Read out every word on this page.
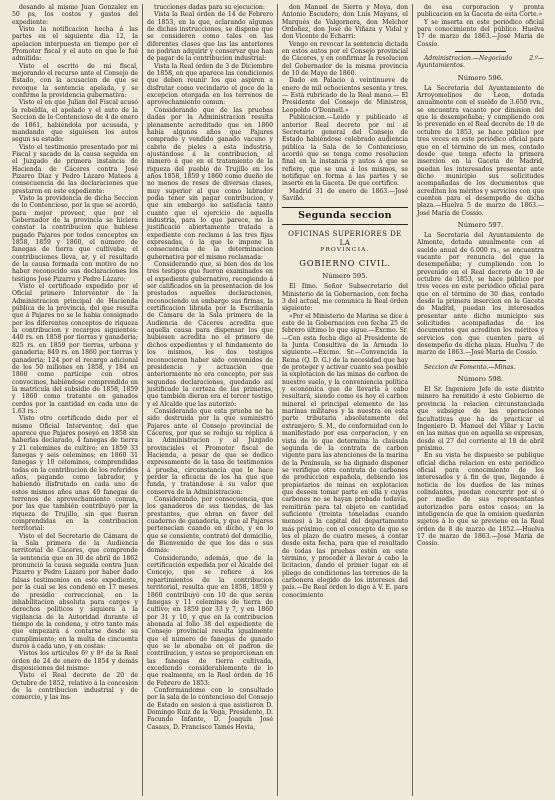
desando al mismo Juan Gonzalez en 50 ps, los costos y gastos del expediente:

Visto la notificacion hecha á las partes en el siguiente dia 12, la apelacion interpuesta en tiempo por el Promotor fiscal y el auto en que le fué admitida:

Visto el escrito de mi fiscal, mejorando el recurso ante el Consejo de Estado, con la acusacion de que se revoque la sentencia apelada, y se confirme la providencia gubernativa:

Visto el en que Julian del Fiscal acusó la rebeldía, el apelado y el auto de la Seccion de lo Contencioso de 4 de enero de 1861, habiéndola por acusada, y mandando que siguiesen los autos segun su estado:

Visto el testimonio presentado por mi Fiscal y sacado de la causa seguida en el Juzgado de primera instancia de Hacienda de Cáceres contra José Pizarro Diaz y Pedro Lázaro Mateos á consecuencia de las declaraciones que prestaron en este expediente:

Visto la providencia de dicha Seccion de lo Contencioso, por la que se acordó, para mejor proveer, que por el Gobernador de la provincia se hiciera constar la contribucion que hubiese pagado Pajares por todos conceptos en 1858, 1859 y 1860, el número de fanegas de tierra que cultivaba; el contribuciones lleva, ar, y el resultado de la causa formada con motivo de no haber reconocido sus declaraciones los testigos José Pizarro y Pedro Lázaro:

Visto el certificado expedido por el Oficial primero Interventor de la Administracion principal de Hacienda pública de la provincia, del que resulta que á Pajares no se le habia consignado por los diferentes conceptos de riqueza la contribucion y recargos siguientes: 440 rs. en 1858 por tierras y ganaderia; 825 rs. en 1859 por tierras, urbana y ganaderia; 849 rs. en 1860 por tierras y ganaderia; 124 por el recargo adicional de los 50 millones en 1858, y 184 en 1860 como partícipe con otros convecinos, habiéndose comprendido en la matrícula del subsidio de 1858, 1859 y 1860 como tratante en ganados cerdos por la cantidad en cada uno de 1.63 rs.:

Visto otro certificado dado por el mismo Oficial Interventor, del que aparece que Pajares poseyó en 1858 sin haberlas declarado, 4 fanegas de tierra y 21 celemines de cultivo; en 1859 33 fanegas y seis celemines; en 1860 31 fanegas y 10 celemines, comprendidas todas en la contribucion de los referidos años, pagando como labrador, y habiendo disfrutado en cada uno de estos mismos años unas 40 fanegas de terrenos de aprovechamiento comun, por las que también contribuyó por la riqueza de Trujillo, sin que fueran comprendidas en la contribucion territorial:

Visto el del Secretario de Cámara de la Sala primera de la Audiencia territorial de Cáceres, que comprende la sentencia que en 30 de abril de 1862 pronunció la causa seguida contra Juan Pizarro y Pedro Lázaro por haber dado falsas testimonios en este expediente, por la cual se les condenó en 17 meses de presidio correccional, en la inhabilitacion absoluta para cargos y derechos políticos y siquiera á la vigilancia de la Autoridad durante el tiempo de la condena, y otro tanto más que empezará á contarse desde su cumplimiento; en la multa de cincuenta duros á cada uno, y en costas:

Vistos los artículos 6º y 8º de la Real órden de 24 de enero de 1854 y demás disposiciones del mismo:

Visto el Real decreto de 20 de Octubre de 1852, relativo á la concesion de la contribucion industrial y de comercio, y las ins-

trucciones dadas para su ejecucion:

Vista la Real órden de 14 de Febrero de 1853, en la que, aclarando algunas de dichas instrucciones, se dispone que se consideren como tales en las diferentes clases que las las anteriores no podrian adquirir y conservar que han de pagar de la contribucion industrial:

Vista la Real órden de 3 de Diciembre de 1858, en que aparece las condiciones que deben reunir los que aspiren a disfrutar como vecindario el goce de la excepcion otorgada en los terrenos de aprovechamiento comun:

Considerando que de las pruebas dadas por la Administracion resulta plenamente acreditado que en 1860 había algunos años que Pajares comprado y vendido ganado vacuno y cabrio de pieles a esta industria, ajustándose á la contribucion, el número á que en el tratamiento de la riqueza del pueblo de Trujillo en los años 1858, 1859 y 1860 como dueño de no menos de reses de diversas clases, muy superior al que como labrador podia tener sin pagar contribucion, y que sin embargo no satisfacía tanto cuanto que el ejercicio de aquella industria, para lo que parece, no la justificació abiertamente tratada a expediente con reclamo á las tres fijas expresadas, ó la que le impone la consecuencia de la determinacion gubernativa por el mismo reclamada:

Considerando que, si bien dos de los tres testigos que fueron examinados en el expediente gubernativo, recogiendo á ser calificados en la presentacion de los prestados aquellos declaraciones, reconociendo un embargo sus firmas, la certificacion librada por la Escribanía de Cámara de la Sala primera de la Audiencia de Cáceres acredita que aquella causa para dispensar los que hubiesen acredita no el primero de dichos expedientes y el fundamento de los mismos, los dos testigos reconocieron haber sido convenidos de presidencia y actuación que anteriormente no era concepto, por sus segundas declaraciones, quedando así justificado la certeza de las primeras, que también dieran era el tercer testigo y el Alcalde que las autorizó:

Considerando que esta prueba no ha sido destruida por la que suministró Pajares ante el Consejo provincial de Cáceres, por que se redujo su réplica á la Administracion y al Juzgado provinciales el Promotor fiscal de Hacienda, a pesar de que se dedico expresamente de la tasa de testimonios á prueba, circunstancia que le hace perder la eficacia de los ha que que funda, y tratándose á su valor que conserva de la Administracion:

Considerando, por consecuencia, que los ganaderos de sus tiendas, de las prestantes, que obran en favor del cuaderno de ganadería, y que al Pajares pertenecían cuando en dicho, y en lo que se consiente, contrató del domicilio, de Bienvenido de que los dás o sus demás:

Considerando, además, que de la certificación expedida por el Alcalde del Concejo, que se refiere á los repartimientos de la contribucion territorial, resulta que en 1858, 1859 y 1860 contribuyó con 10 de que serán fanegas y 11 celemines de tierra de cultivo; en 1859 por 33 y 7, y en 1860 por 31 y 10, y que en la contribucion abonada al folio 38 del expediente de Consejo provincial resulta igualmente que el número de fanegas de ganado que se le abonaba en el padron de contribucion, y estos se proporcionan en las fanegas de tierra cultivada, excediendo considerablemente de lo que realmente, en la Real órden de 16 de Febrero de 1853:

Conformándome con lo consultado por la sala de lo contencioso del Consejo de Estado en sesion á que asistieron D. Domingo Ruiz de la Vega, Presidente, D. Facundo Infante, D. Joaquín José Casaus, D. Francisco Tamés Hevia,

don Manuel de Sierra y Moya, don Antonio Escudero, don Luis Mayans, el Marqués de Valgornera, don Melchor Ordoñez, don José de Viñaza y Vidal y don Vicente de Echarri:

Vengo en revocar la sentencia dictada en estos autos por el Consejo provincial de Cáceres, y en confirmar la resolucion del Gobernador de la misma provincia de 10 de Mayo de 1860.

Dado en Palacio á veintinueve de enero de mil ochocientos sesenta y tres.— Está rubricado de la Real mano.— El Presidente del Consejo de Ministros, Leopoldo O'Donnell.»

Publicacion.—Leido y publicado el anterior Real decreto por mí el Secretario general del Consejo de Estado habiéndose celebrado audiencia pública la Sala de lo Contencioso, acordó que se tenga como resolucion final en la instancia y autos á que se refiere, que se una á los mismos, se notifique en forma á las partes y se inserte en la Gaceta. De que certifico.

Madrid 31 de enero de 1863.—José Saviñó.

Segunda seccion
OFICINAS SUPERIORES DE LA
PROVINCIA.
GOBIERNO CIVIL.
Número 595.

El Ilmo. Señor Subsecretario del Ministerio de la Gobernacion, con fecha 3 del actual, me comunica la Real órden siguiente:

«Por el Ministerio de Marina se dice á este de la Gobernacion con fecha 25 de febrero último lo que sigue.—Excmo. Sr.—Con esta fecha digo al Presidente de la Junta Consultiva de la Armada lo siguiente.—Excmo. Sr.—Convencida la Reina (Q. D. G.) de la necesidad que hay de proteger y activar cuanto sea posible la explotacion de las minas de carbon de nuestro suelo, y la conveniencia política y económica que de llevarla á cabo resultará, siendo como es hoy el carbon mineral el principal elemento de las marinas militares y la nuestra en esta parte tributaria absolutamente del extranjero; S. M., de conformidad con lo manifestado por esa corporacion, y en vista de lo que determina la claúsula segunda de la contrata de carbon vigente para las atenciones de la marina de la Península, se ha dignado disponer se verifique otra contrata de carbones de produccion española, debiendo los propietarios de minas en explotacion que deseen tomar parte en ella y cuyas carbones no se hayan probado todavía, remitirán para tal objeto en cantidad suficiente (treinta toneladas cuando menos) á la capital del departamento más próximo; con el concepto de que se les el plazo de cuatro meses, á contar desde esta fecha, para que el resultado de todas las pruebas estén en este término, y procedér á llevar á cabo la licitacion, dando el primer lugar en el pliego de condiciones las terrenos de la carbonera elegido de los intereses del país.—De Real órden lo digo á V. E. para conocimiento

de esa corporacion y pronta publicacion en la Gaceta de esta Corte.»

Y se inserta en este periódico oficial para conocimiento del público. Huelva 17 de marzo de 1863.—José María de Cossío.

Administracion.—Negociado 2.º—Ayuntamientos.
Número 596.

La Secretaria del Ayuntamiento de Arroyomolinos de Leon, dotada anualmente con el sueldo de 3.650 rvn., se encuentra vacante por dimision del que la desempeñaba; y cumpliendo con lo prevenido en el Real decreto de 19 de octubre de 1853, se hace público por tres veces en este periódico oficial para que en el término de un mes, contado desde que tenga efecto la primera insercion en la Gaceta de Madrid, puedan los interesados presentar ante dicho municipio sus solicitudes acompañadas de los documentos que acrediten los méritos y servicios con que cuenten para el desempeño de dicha plaza.—Huelva 5 de marzo de 1863.—José María de Cossío.

Número 597.

La Secretaria del Ayuntamiento de Almonte, dotada anualmente con el sueldo anual de 6.000 rs., se encuentra vacante por renuncia del que la desempeñaba; y cumpliendo con lo prevenido en el Real decreto de 19 de octubre de 1853, se hace público por tres veces en este periódico oficial para que en el término de 30 dias, contado desde la primera insercion en la Gaceta de Madrid, puedan los interesados presentar ante dicho municipio sus solicitudes acompañadas de los documentos que acrediten los méritos y servicios con que cuenten para el desempeño de dicha plaza. Huelva 7 de marzo de 1863.—José María de Cossío.

Seccion de Fomento.—Minas.
Número 598.

El Sr. Ingeniero Jefe de este distrito minero ha remitido á este Gobierno de provincia la relacion circunstanciada que subsigue de las operaciones facultativas que ha de practicar el Ingeniero D. Manuel del Villar y Lavin en las minas que en aquella se expresan, desde el 27 del corriente al 18 de abril próximo.

En su vista he dispuesto se publique oficial dicha relacion en este periódico oficial para conocimiento de los interesados y á fin de que, llegando á noticia de los dueños de las minas colindantes, puedan concurrir por sí ó por medio de sus representantes autorizados para estos casos; en la inteligencia de que la omision quedarán sujetos á lo que se previene en la Real órden de 8 de marzo de 1852.—Huelva 17 de marzo de 1863.—José María de Cossío.
